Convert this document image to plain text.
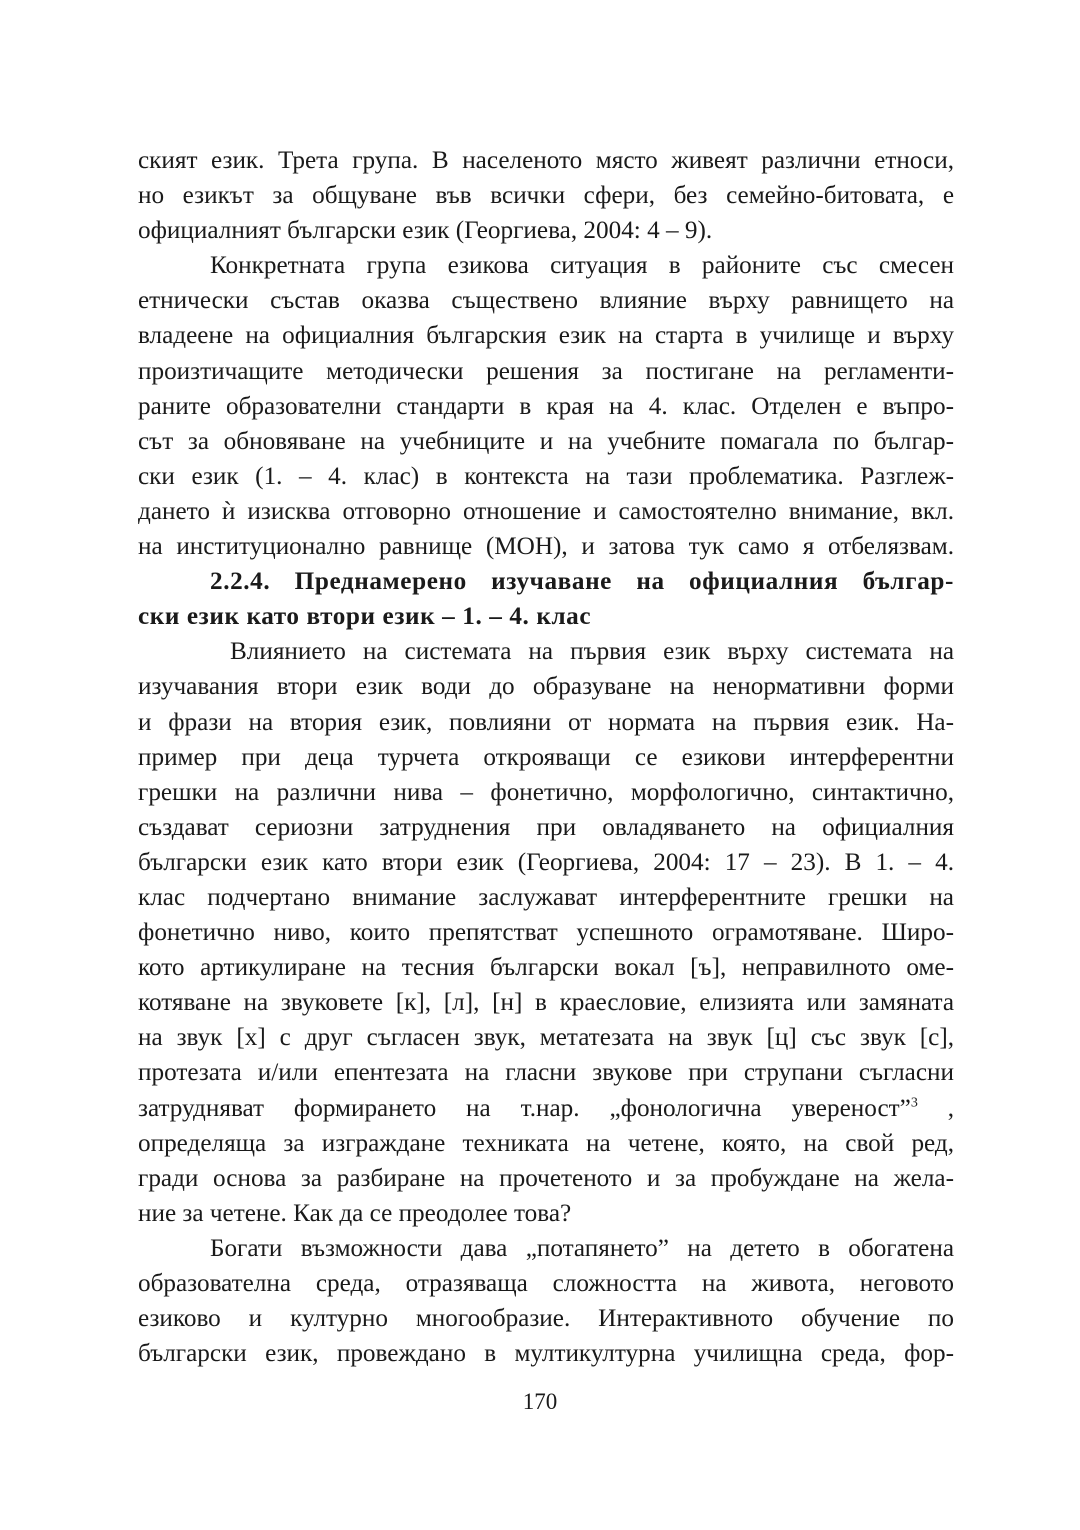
ският език. Трета група. В населеното място живеят различни етноси,
но езикът за общуване във всички сфери, без семейно-битовата, е
официалният български език (Георгиева, 2004: 4 – 9).
Конкретната група езикова ситуация в районите със смесен
етнически състав оказва съществено влияние върху равнището на
владеене на официалния българския език на старта в училище и върху
произтичащите методически решения за постигане на регламенти-
раните образователни стандарти в края на 4. клас. Отделен е въпро-
сът за обновяване на учебниците и на учебните помагала по българ-
ски език (1. – 4. клас) в контекста на тази проблематика. Разглеж-
дането ѝ изисква отговорно отношение и самостоятелно внимание, вкл.
на институционално равнище (МОН), и затова тук само я отбелязвам.
2.2.4. Преднамерено изучаване на официалния българ-
ски език като втори език – 1. – 4. клас
Влиянието на системата на първия език върху системата на
изучавания втори език води до образуване на ненормативни форми
и фрази на втория език, повлияни от нормата на първия език. На-
пример при деца турчета открояващи се езикови интерферентни
грешки на различни нива – фонетично, морфологично, синтактично,
създават сериозни затруднения при овладяването на официалния
български език като втори език (Георгиева, 2004: 17 – 23). В 1. – 4.
клас подчертано внимание заслужават интерферентните грешки на
фонетично ниво, които препятстват успешното ограмотяване. Широ-
кото артикулиране на тесния български вокал [ъ], неправилното оме-
котяване на звуковете [к], [л], [н] в краесловие, елизията или замяната
на звук [х] с друг съгласен звук, метатезата на звук [ц] със звук [с],
протезата и/или епентезата на гласни звукове при струпани съгласни
затрудняват формирането на т.нар. „фонологична увереност”$^3$ ,
определяща за изграждане техниката на четене, която, на свой ред,
гради основа за разбиране на прочетеното и за пробуждане на жела-
ние за четене. Как да се преодолее това?
Богати възможности дава „потапянето” на детето в обогатена
образователна среда, отразяваща сложността на живота, неговото
езиково и културно многообразие. Интерактивното обучение по
български език, провеждано в мултикултурна училищна среда, фор-
170
